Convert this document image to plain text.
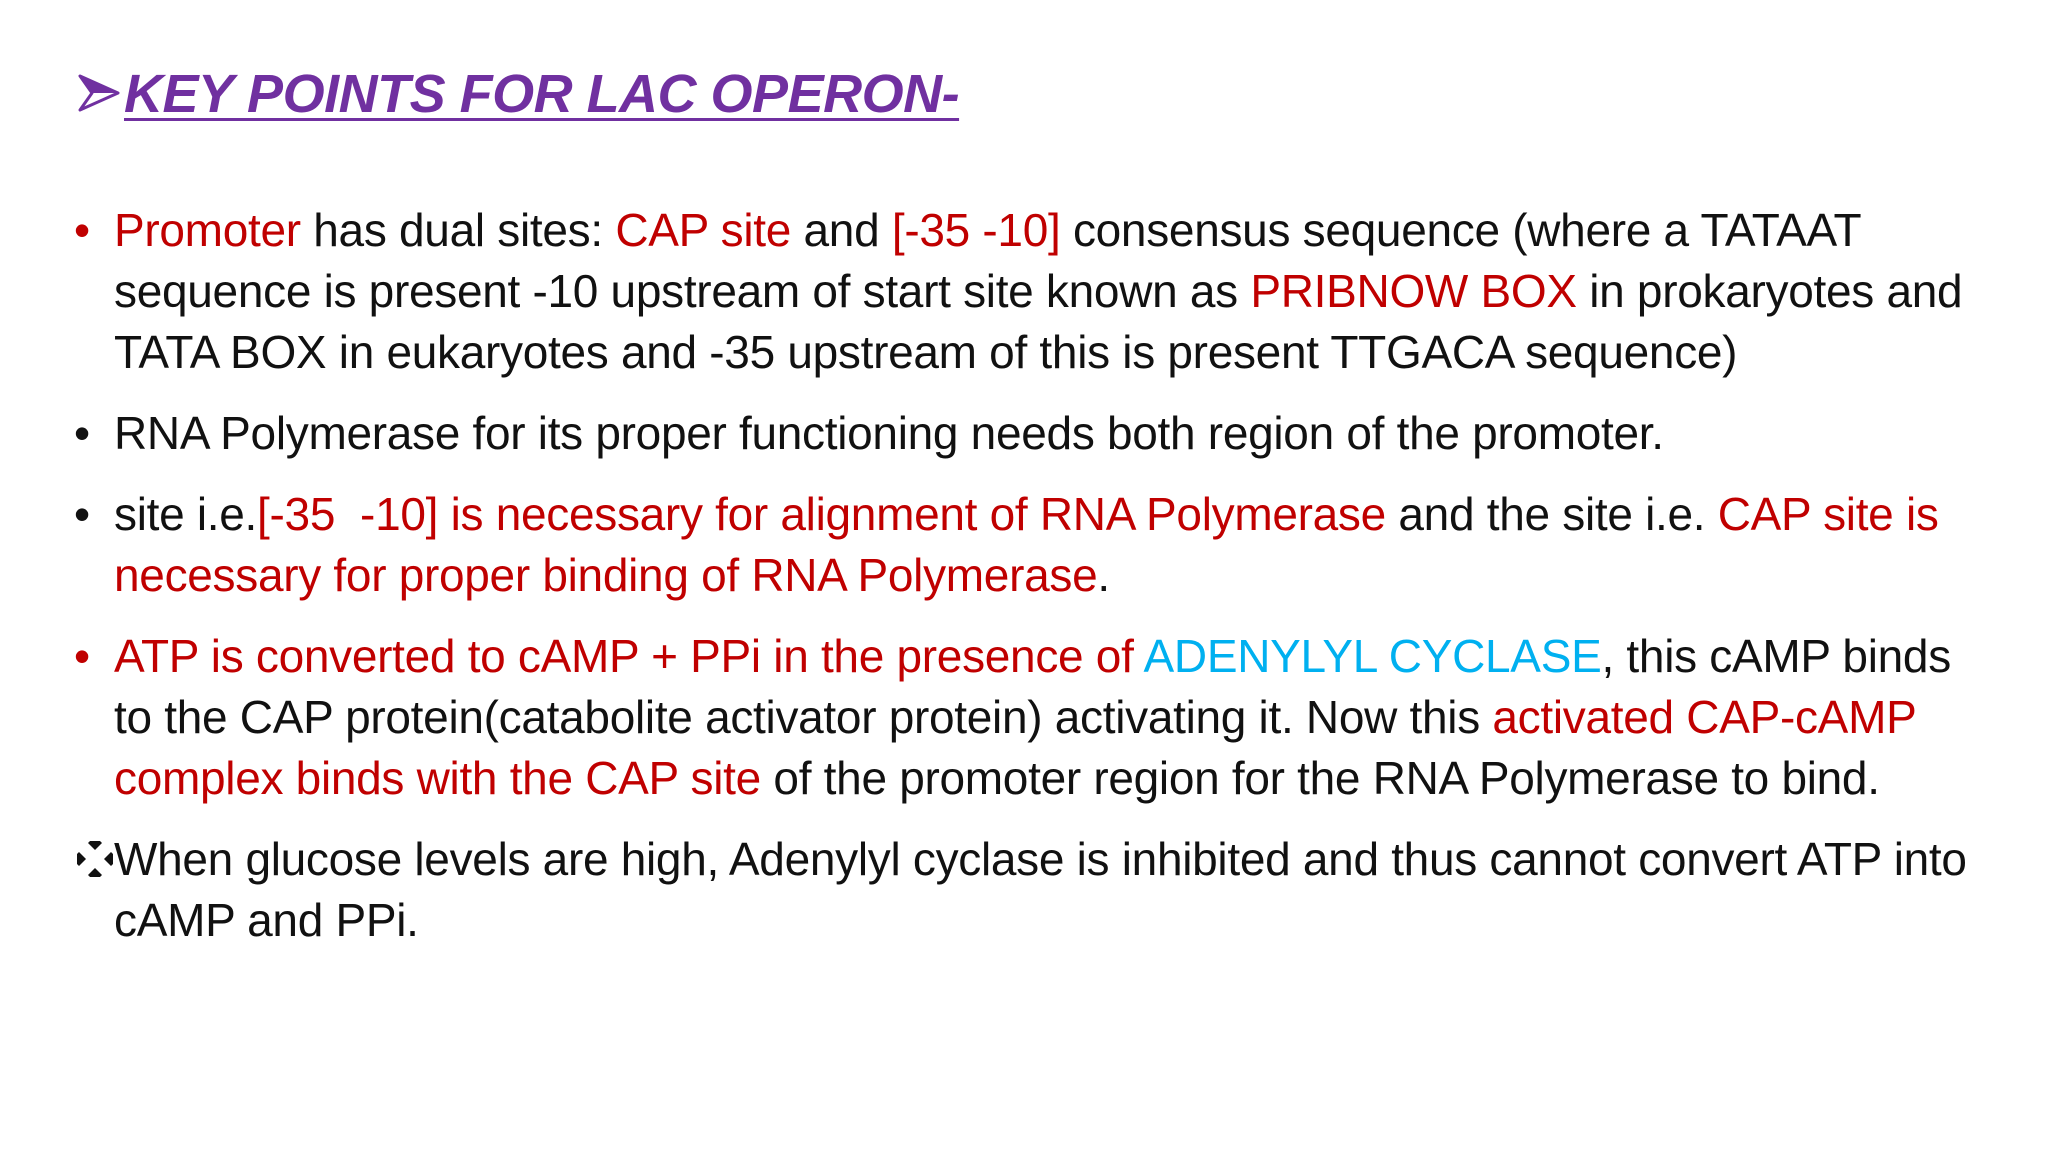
KEY POINTS FOR LAC OPERON-
• Promoter has dual sites: CAP site and [-35 -10] consensus sequence (where a TATAAT sequence is present -10 upstream of start site known as PRIBNOW BOX in prokaryotes and TATA BOX in eukaryotes and -35 upstream of this is present TTGACA sequence)
• RNA Polymerase for its proper functioning needs both region of the promoter.
• site i.e.[-35  -10] is necessary for alignment of RNA Polymerase and the site i.e. CAP site is necessary for proper binding of RNA Polymerase.
• ATP is converted to cAMP + PPi in the presence of ADENYLYL CYCLASE, this cAMP binds to the CAP protein(catabolite activator protein) activating it. Now this activated CAP-cAMP complex binds with the CAP site of the promoter region for the RNA Polymerase to bind.
When glucose levels are high, Adenylyl cyclase is inhibited and thus cannot convert ATP into cAMP and PPi.
